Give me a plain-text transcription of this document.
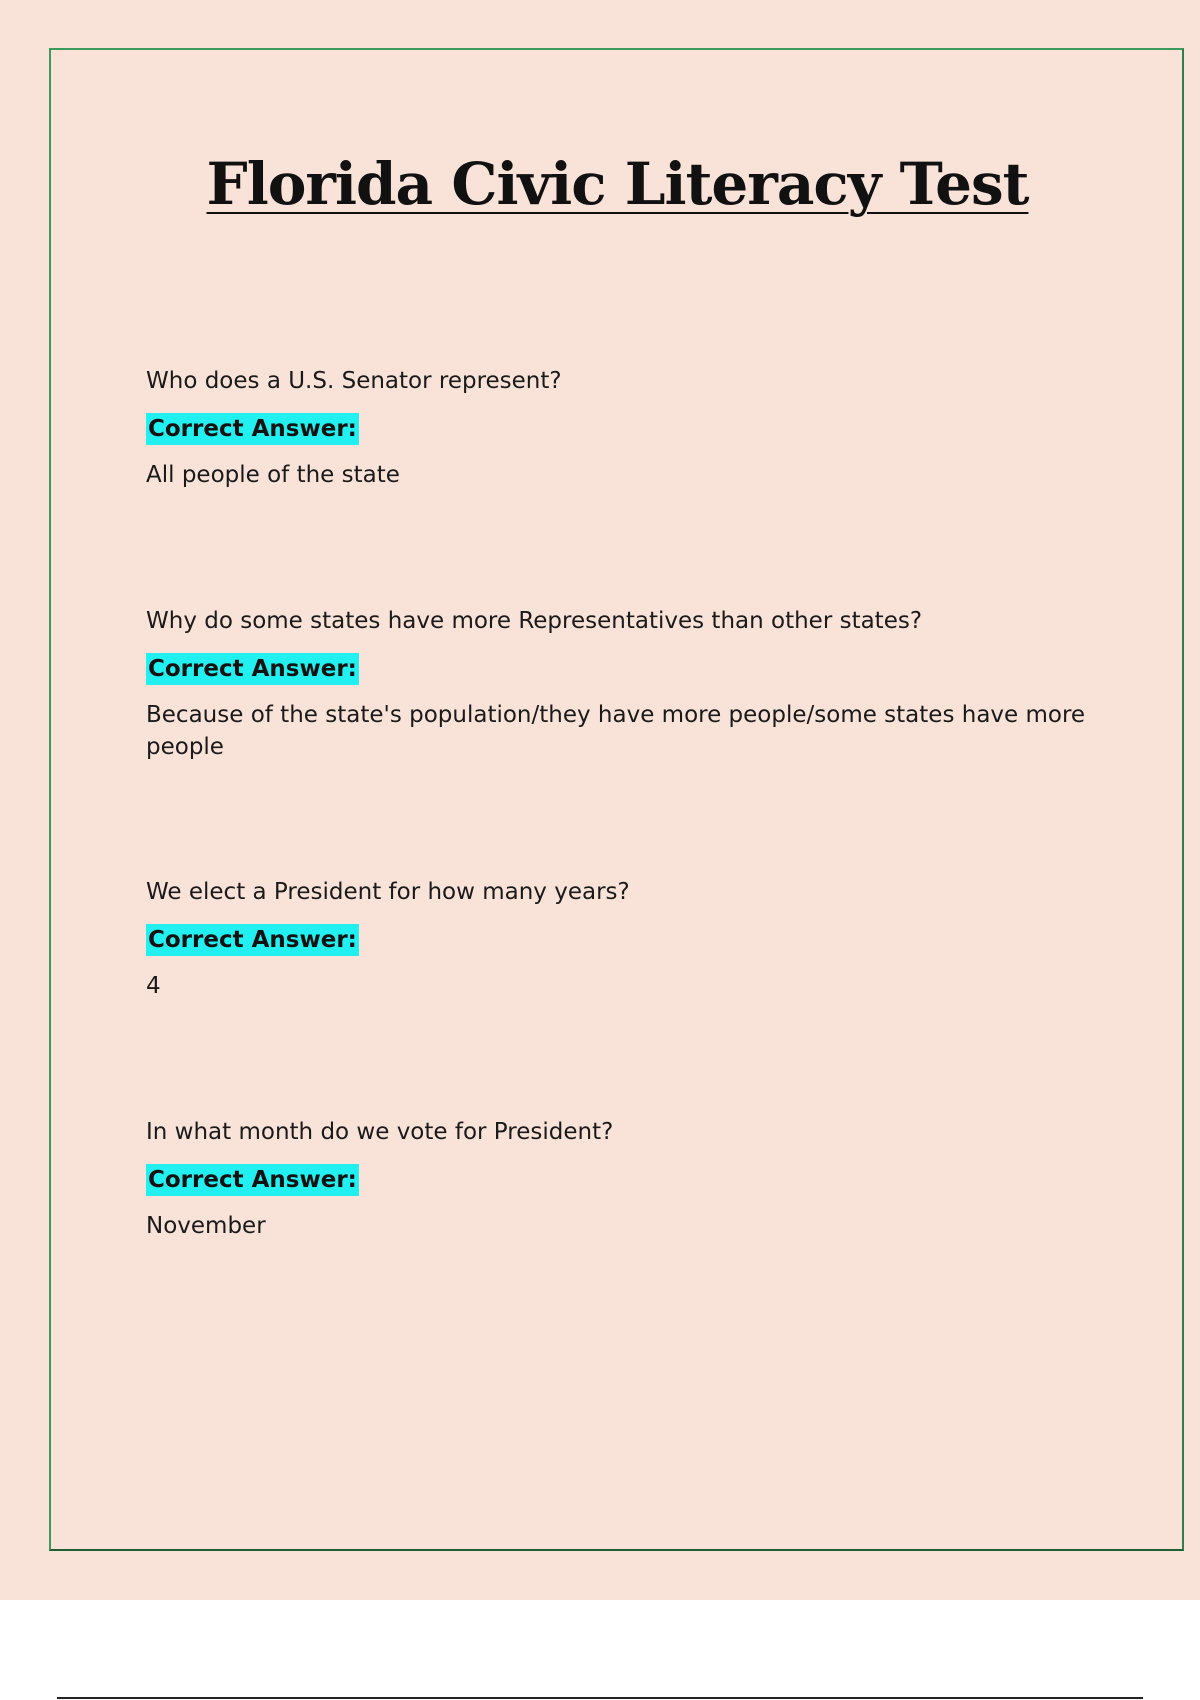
Florida Civic Literacy Test

Who does a U.S. Senator represent?

Correct Answer:

All people of the state

Why do some states have more Representatives than other states?

Correct Answer:

Because of the state's population/they have more people/some states have more people

We elect a President for how many years?

Correct Answer:

4

In what month do we vote for President?

Correct Answer:

November
